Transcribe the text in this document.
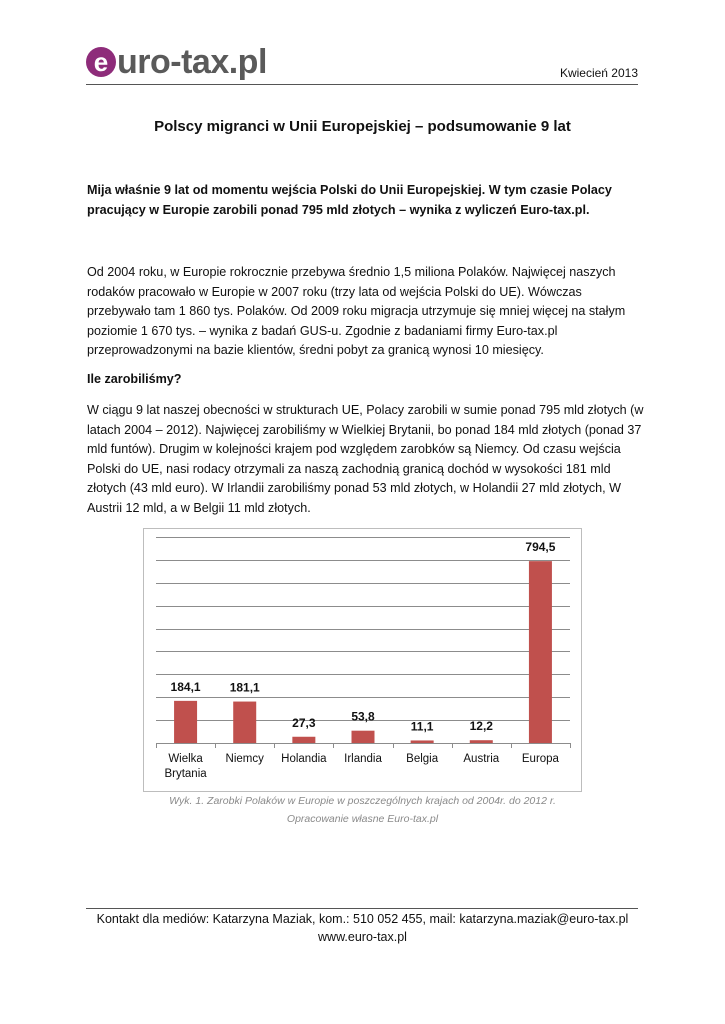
e uro-tax.pl	Kwiecień 2013
Polscy migranci w Unii Europejskiej – podsumowanie 9 lat

Mija właśnie 9 lat od momentu wejścia Polski do Unii Europejskiej. W tym czasie Polacy pracujący w Europie zarobili ponad 795 mld złotych – wynika z wyliczeń Euro-tax.pl.

Od 2004 roku, w Europie rokrocznie przebywa średnio 1,5 miliona Polaków. Najwięcej naszych rodaków pracowało w Europie w 2007 roku (trzy lata od wejścia Polski do UE). Wówczas przebywało tam 1 860 tys. Polaków. Od 2009 roku migracja utrzymuje się mniej więcej na stałym poziomie 1 670 tys. – wynika z badań GUS-u. Zgodnie z badaniami firmy Euro-tax.pl przeprowadzonymi na bazie klientów, średni pobyt za granicą wynosi 10 miesięcy.

Ile zarobiliśmy?

W ciągu 9 lat naszej obecności w strukturach UE, Polacy zarobili w sumie ponad 795 mld złotych (w latach 2004 – 2012). Najwięcej zarobiliśmy w Wielkiej Brytanii, bo ponad 184 mld złotych (ponad 37 mld funtów). Drugim w kolejności krajem pod względem zarobków są Niemcy. Od czasu wejścia Polski do UE, nasi rodacy otrzymali za naszą zachodnią granicą dochód w wysokości 181 mld złotych (43 mld euro). W Irlandii zarobiliśmy ponad 53 mld złotych, w Holandii 27 mld złotych, W Austrii 12 mld, a w Belgii 11 mld złotych.

184,1
Wielka
Brytania
181,1
Niemcy
27,3
Holandia
53,8
Irlandia
11,1
Belgia
12,2
Austria
794,5
Europa
Wyk. 1. Zarobki Polaków w Europie w poszczególnych krajach od 2004r. do 2012 r.
Opracowanie własne Euro-tax.pl
Kontakt dla mediów: Katarzyna Maziak, kom.: 510 052 455, mail: katarzyna.maziak@euro-tax.pl
www.euro-tax.pl
